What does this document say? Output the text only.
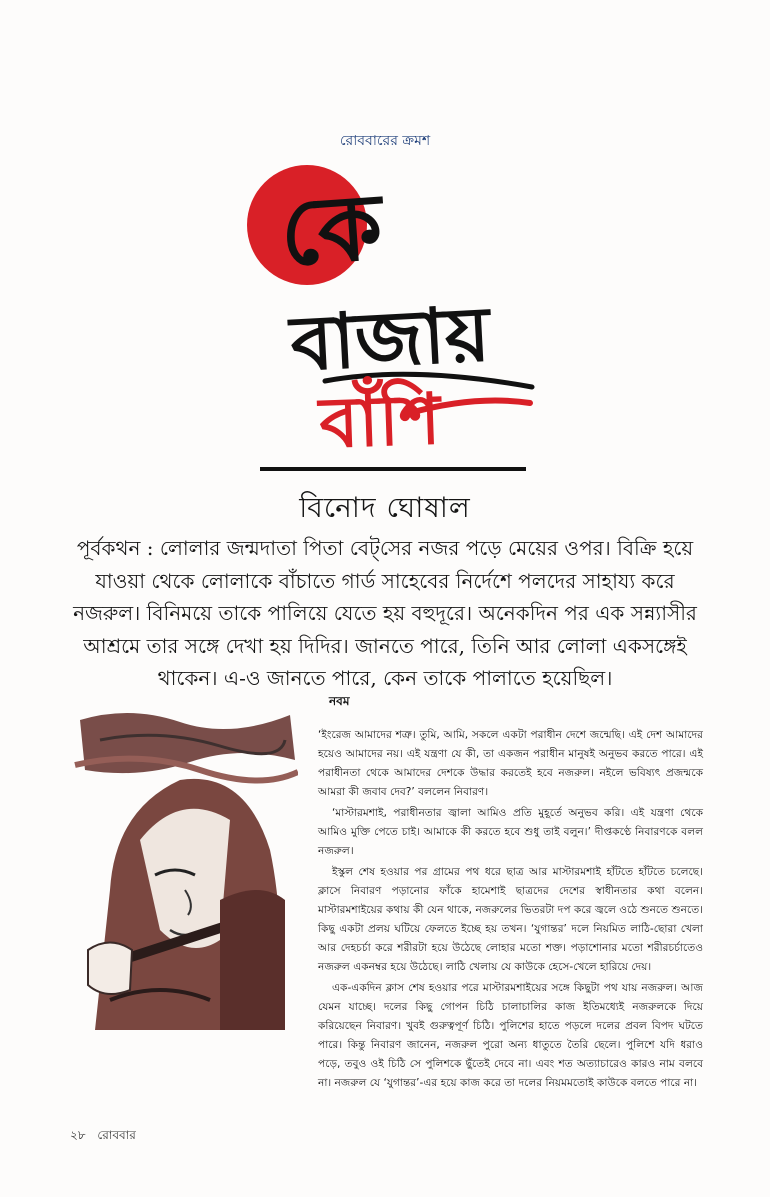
রোববারের ক্রমশ
কে
বাজায়
বাঁশি
বিনোদ ঘোষাল

পূর্বকথন : লোলার জন্মদাতা পিতা বেট্‌সের নজর পড়ে মেয়ের ওপর। বিক্রি হয়ে যাওয়া থেকে লোলাকে বাঁচাতে গার্ড সাহেবের নির্দেশে পলদের সাহায্য করে নজরুল। বিনিময়ে তাকে পালিয়ে যেতে হয় বহুদূরে। অনেকদিন পর এক সন্ন্যাসীর আশ্রমে তার সঙ্গে দেখা হয় দিদির। জানতে পারে, তিনি আর লোলা একসঙ্গেই থাকেন। এ-ও জানতে পারে, কেন তাকে পালাতে হয়েছিল।

নবম

‘ইংরেজ আমাদের শত্রু। তুমি, আমি, সকলে একটা পরাধীন দেশে জন্মেছি। এই দেশ আমাদের হয়েও আমাদের নয়। এই যন্ত্রণা যে কী, তা একজন পরাধীন মানুষই অনুভব করতে পারে। এই পরাধীনতা থেকে আমাদের দেশকে উদ্ধার করতেই হবে নজরুল। নইলে ভবিষ্যৎ প্রজন্মকে আমরা কী জবাব দেব?’ বললেন নিবারণ।

‘মাস্টারমশাই, পরাধীনতার জ্বালা আমিও প্রতি মুহূর্তে অনুভব করি। এই যন্ত্রণা থেকে আমিও মুক্তি পেতে চাই। আমাকে কী করতে হবে শুধু তাই বলুন।’ দীপ্তকণ্ঠে নিবারণকে বলল নজরুল।

ইস্কুল শেষ হওয়ার পর গ্রামের পথ ধরে ছাত্র আর মাস্টারমশাই হাঁটতে হাঁটতে চলেছে। ক্লাসে নিবারণ পড়ানোর ফাঁকে হামেশাই ছাত্রদের দেশের স্বাধীনতার কথা বলেন। মাস্টারমশাইয়ের কথায় কী যেন থাকে, নজরুলের ভিতরটা দপ করে জ্বলে ওঠে শুনতে শুনতে। কিছু একটা প্রলয় ঘটিয়ে ফেলতে ইচ্ছে হয় তখন। ‘যুগান্তর’ দলে নিয়মিত লাঠি-ছোরা খেলা আর দেহচর্চা করে শরীরটা হয়ে উঠেছে লোহার মতো শক্ত। পড়াশোনার মতো শরীরচর্চাতেও নজরুল একনম্বর হয়ে উঠেছে। লাঠি খেলায় যে কাউকে হেসে-খেলে হারিয়ে দেয়।

এক-একদিন ক্লাস শেষ হওয়ার পরে মাস্টারমশাইয়ের সঙ্গে কিছুটা পথ যায় নজরুল। আজ যেমন যাচ্ছে। দলের কিছু গোপন চিঠি চালাচালির কাজ ইতিমধ্যেই নজরুলকে দিয়ে করিয়েছেন নিবারণ। খুবই গুরুত্বপূর্ণ চিঠি। পুলিশের হাতে পড়লে দলের প্রবল বিপদ ঘটতে পারে। কিন্তু নিবারণ জানেন, নজরুল পুরো অন্য ধাতুতে তৈরি ছেলে। পুলিশে যদি ধরাও পড়ে, তবুও ওই চিঠি সে পুলিশকে ছুঁতেই দেবে না। এবং শত অত্যাচারেও কারও নাম বলবে না। নজরুল যে ‘যুগান্তর’-এর হয়ে কাজ করে তা দলের নিয়মমতোই কাউকে বলতে পারে না।

২৮ রোববার
